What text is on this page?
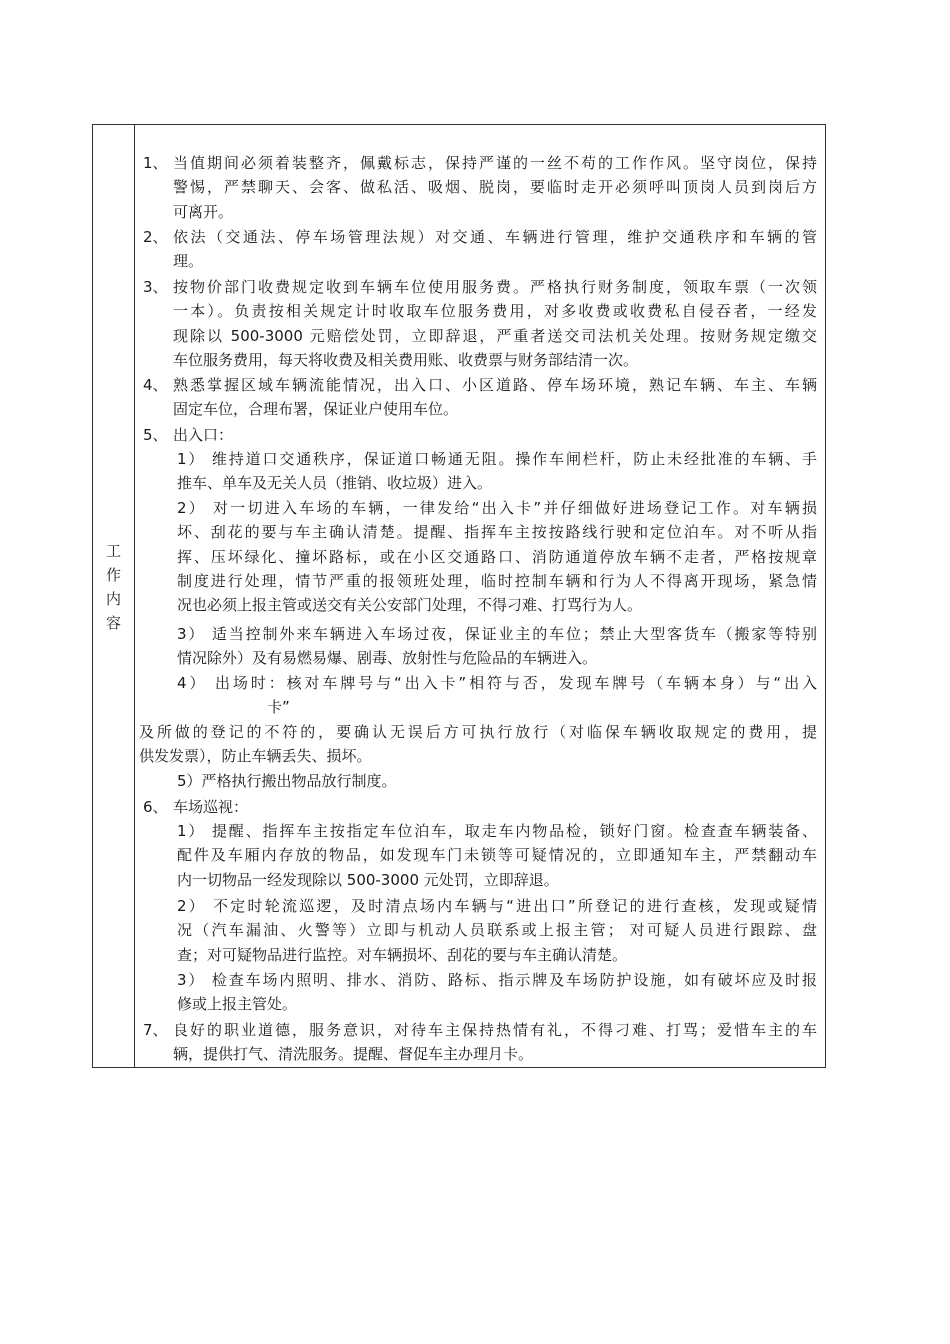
工
作
内
容
1、 当值期间必须着装整齐，佩戴标志，保持严谨的一丝不苟的工作作风。坚守岗位，保持
警惕，严禁聊天、会客、做私活、吸烟、脱岗，要临时走开必须呼叫顶岗人员到岗后方
可离开。
2、 依法（交通法、停车场管理法规）对交通、车辆进行管理，维护交通秩序和车辆的管
理。
3、 按物价部门收费规定收到车辆车位使用服务费。严格执行财务制度，领取车票（一次领
一本）。负责按相关规定计时收取车位服务费用，对多收费或收费私自侵吞者，一经发
现除以 500-3000 元赔偿处罚，立即辞退，严重者送交司法机关处理。按财务规定缴交
车位服务费用，每天将收费及相关费用账、收费票与财务部结清一次。
4、 熟悉掌握区域车辆流能情况，出入口、小区道路、停车场环境，熟记车辆、车主、车辆
固定车位，合理布署，保证业户使用车位。
5、 出入口：
1） 维持道口交通秩序，保证道口畅通无阻。操作车闸栏杆，防止未经批准的车辆、手
推车、单车及无关人员（推销、收垃圾）进入。
2） 对一切进入车场的车辆，一律发给“出入卡”并仔细做好进场登记工作。对车辆损
坏、刮花的要与车主确认清楚。提醒、指挥车主按按路线行驶和定位泊车。对不听从指
挥、压坏绿化、撞坏路标，或在小区交通路口、消防通道停放车辆不走者，严格按规章
制度进行处理，情节严重的报领班处理，临时控制车辆和行为人不得离开现场，紧急情
况也必须上报主管或送交有关公安部门处理，不得刁难、打骂行为人。
3） 适当控制外来车辆进入车场过夜，保证业主的车位；禁止大型客货车（搬家等特别
情况除外）及有易燃易爆、剧毒、放射性与危险品的车辆进入。
4） 出场时：核对车牌号与“出入卡”相符与否，发现车牌号（车辆本身）与“出入
卡”
及所做的登记的不符的，要确认无误后方可执行放行（对临保车辆收取规定的费用，提
供发发票），防止车辆丢失、损坏。
5）严格执行搬出物品放行制度。
6、 车场巡视：
1） 提醒、指挥车主按指定车位泊车，取走车内物品检，锁好门窗。检查查车辆装备、
配件及车厢内存放的物品，如发现车门未锁等可疑情况的，立即通知车主，严禁翻动车
内一切物品一经发现除以 500-3000 元处罚，立即辞退。
2） 不定时轮流巡逻，及时清点场内车辆与“进出口”所登记的进行查核，发现或疑情
况（汽车漏油、火警等）立即与机动人员联系或上报主管； 对可疑人员进行跟踪、盘
查；对可疑物品进行监控。对车辆损坏、刮花的要与车主确认清楚。
3） 检查车场内照明、排水、消防、路标、指示牌及车场防护设施，如有破坏应及时报
修或上报主管处。
7、 良好的职业道德，服务意识，对待车主保持热情有礼，不得刁难、打骂；爱惜车主的车
辆，提供打气、清洗服务。提醒、督促车主办理月卡。
